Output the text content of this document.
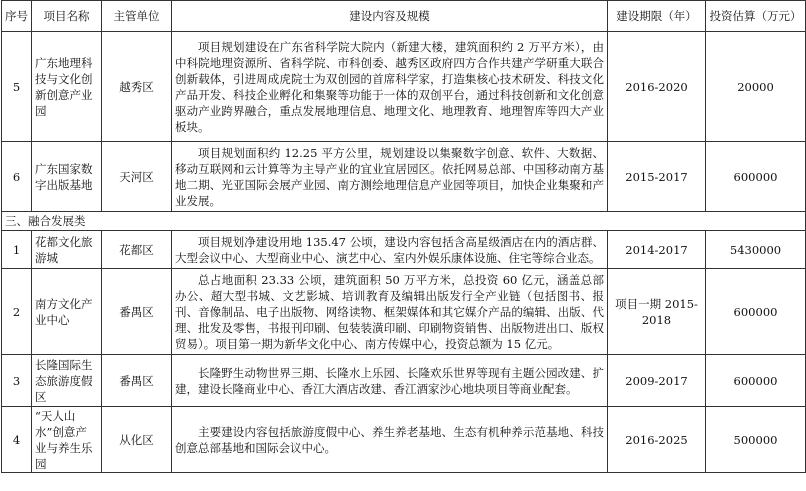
序号	项目名称	主管单位	建设内容及规模	建设期限（年）	投资估算（万元）
5	广东地理科技与文化创新创意产业园	越秀区	项目规划建设在广东省科学院大院内（新建大楼，建筑面积约 2 万平方米），由中科院地理资源所、省科学院、市科创委、越秀区政府四方合作共建产学研重大联合创新载体，引进周成虎院士为双创园的首席科学家，打造集核心技术研发、科技文化产品开发、科技企业孵化和集聚等功能于一体的双创平台，通过科技创新和文化创意驱动产业跨界融合，重点发展地理信息、地理文化、地理教育、地理智库等四大产业板块。	2016-2020	20000
6	广东国家数字出版基地	天河区	项目规划面积约 12.25 平方公里，规划建设以集聚数字创意、软件、大数据、移动互联网和云计算等为主导产业的宜业宜居园区。依托网易总部、中国移动南方基地二期、光亚国际会展产业园、南方测绘地理信息产业园等项目，加快企业集聚和产业发展。	2015-2017	600000
三、融合发展类					
1	花都文化旅游城	花都区	项目规划净建设用地 135.47 公顷，建设内容包括含高星级酒店在内的酒店群、大型会议中心、大型商业中心、演艺中心、室内外娱乐康体设施、住宅等综合业态。	2014-2017	5430000
2	南方文化产业中心	番禺区	总占地面积 23.33 公顷，建筑面积 50 万平方米，总投资 60 亿元，涵盖总部办公、超大型书城、文艺影城、培训教育及编辑出版发行全产业链（包括图书、报刊、音像制品、电子出版物、网络读物、框架媒体和其它媒介产品的编辑、出版、代理、批发及零售，书报刊印刷、包装装潢印刷、印刷物资销售、出版物进出口、版权贸易）。项目第一期为新华文化中心、南方传媒中心，投资总额为 15 亿元。	项目一期 2015-2018	600000
3	长隆国际生态旅游度假区	番禺区	长隆野生动物世界三期、长隆水上乐园、长隆欢乐世界等现有主题公园改建、扩建，建设长隆商业中心、香江大酒店改建、香江酒家沙心地块项目等商业配套。	2009-2017	600000
4	“天人山水”创意产业与养生乐园	从化区	主要建设内容包括旅游度假中心、养生养老基地、生态有机种养示范基地、科技创意总部基地和国际会议中心。	2016-2025	500000
